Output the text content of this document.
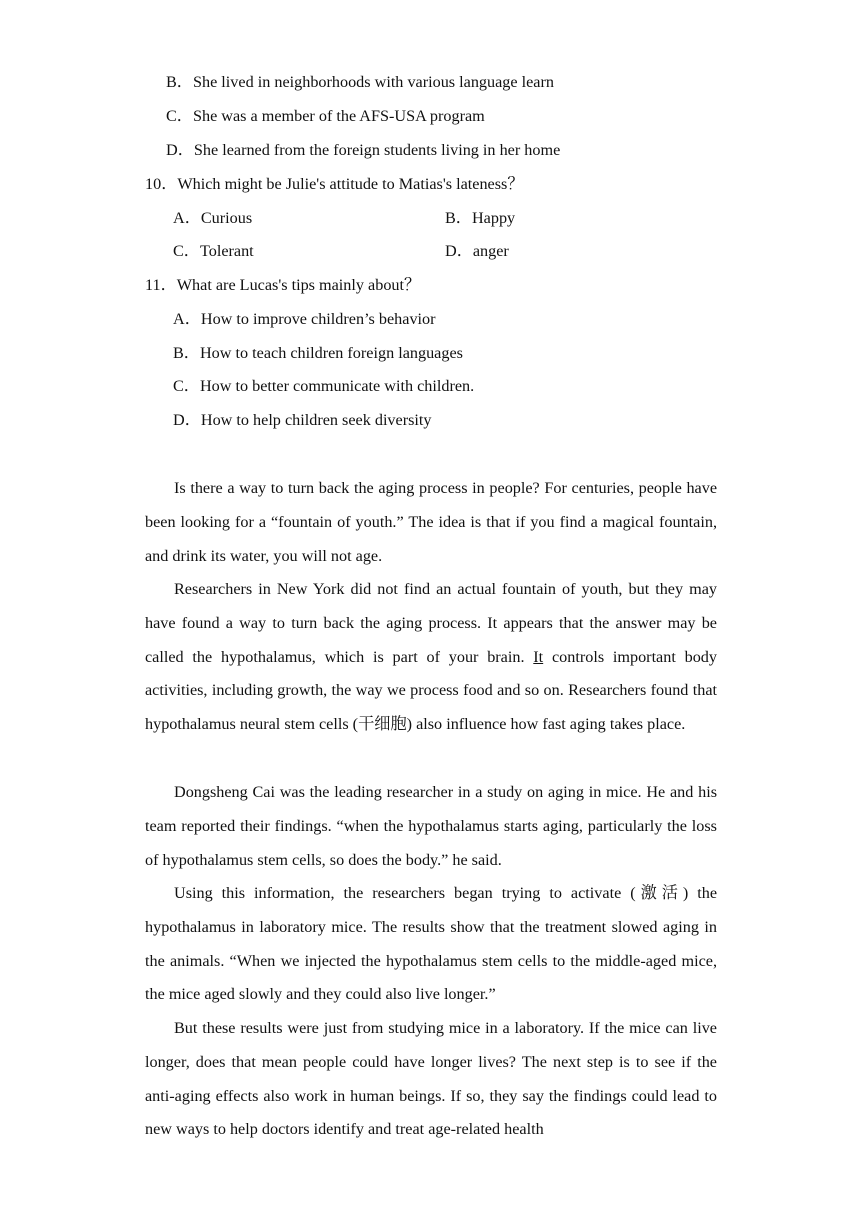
B．She lived in neighborhoods with various language learn
C．She was a member of the AFS-USA program
D．She learned from the foreign students living in her home
10．Which might be Julie's attitude to Matias's lateness？
A．Curious	B．Happy
C．Tolerant	D．anger
11．What are Lucas's tips mainly about？
A．How to improve children’s behavior
B．How to teach children foreign languages
C．How to better communicate with children.
D．How to help children seek diversity
Is there a way to turn back the aging process in people? For centuries, people have been looking for a “fountain of youth.” The idea is that if you find a magical fountain, and drink its water, you will not age.
Researchers in New York did not find an actual fountain of youth, but they may have found a way to turn back the aging process. It appears that the answer may be called the hypothalamus, which is part of your brain. It controls important body activities, including growth, the way we process food and so on. Researchers found that hypothalamus neural stem cells (干细胞) also influence how fast aging takes place.
Dongsheng Cai was the leading researcher in a study on aging in mice. He and his team reported their findings. “when the hypothalamus starts aging, particularly the loss of hypothalamus stem cells, so does the body.” he said.
Using this information, the researchers began trying to activate (激活) the hypothalamus in laboratory mice. The results show that the treatment slowed aging in the animals. “When we injected the hypothalamus stem cells to the middle-aged mice, the mice aged slowly and they could also live longer.”
But these results were just from studying mice in a laboratory. If the mice can live longer, does that mean people could have longer lives? The next step is to see if the anti-aging effects also work in human beings. If so, they say the findings could lead to new ways to help doctors identify and treat age-related health
